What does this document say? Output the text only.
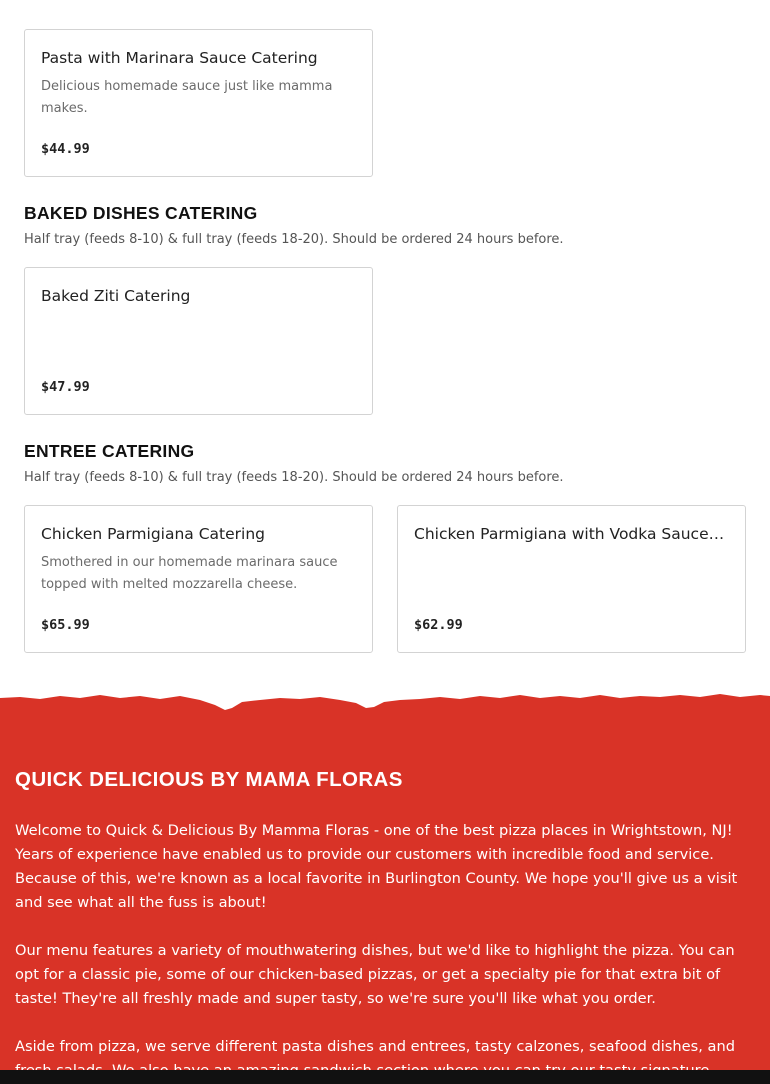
Pasta with Marinara Sauce Catering
Delicious homemade sauce just like mamma makes.
$44.99
BAKED DISHES CATERING
Half tray (feeds 8-10) & full tray (feeds 18-20). Should be ordered 24 hours before.
Baked Ziti Catering
$47.99
ENTREE CATERING
Half tray (feeds 8-10) & full tray (feeds 18-20). Should be ordered 24 hours before.
Chicken Parmigiana Catering
Smothered in our homemade marinara sauce topped with melted mozzarella cheese.
$65.99
Chicken Parmigiana with Vodka Sauce…
$62.99
QUICK DELICIOUS BY MAMA FLORAS

Welcome to Quick & Delicious By Mamma Floras - one of the best pizza places in Wrightstown, NJ! Years of experience have enabled us to provide our customers with incredible food and service. Because of this, we're known as a local favorite in Burlington County. We hope you'll give us a visit and see what all the fuss is about!

Our menu features a variety of mouthwatering dishes, but we'd like to highlight the pizza. You can opt for a classic pie, some of our chicken-based pizzas, or get a specialty pie for that extra bit of taste! They're all freshly made and super tasty, so we're sure you'll like what you order.

Aside from pizza, we serve different pasta dishes and entrees, tasty calzones, seafood dishes, and
